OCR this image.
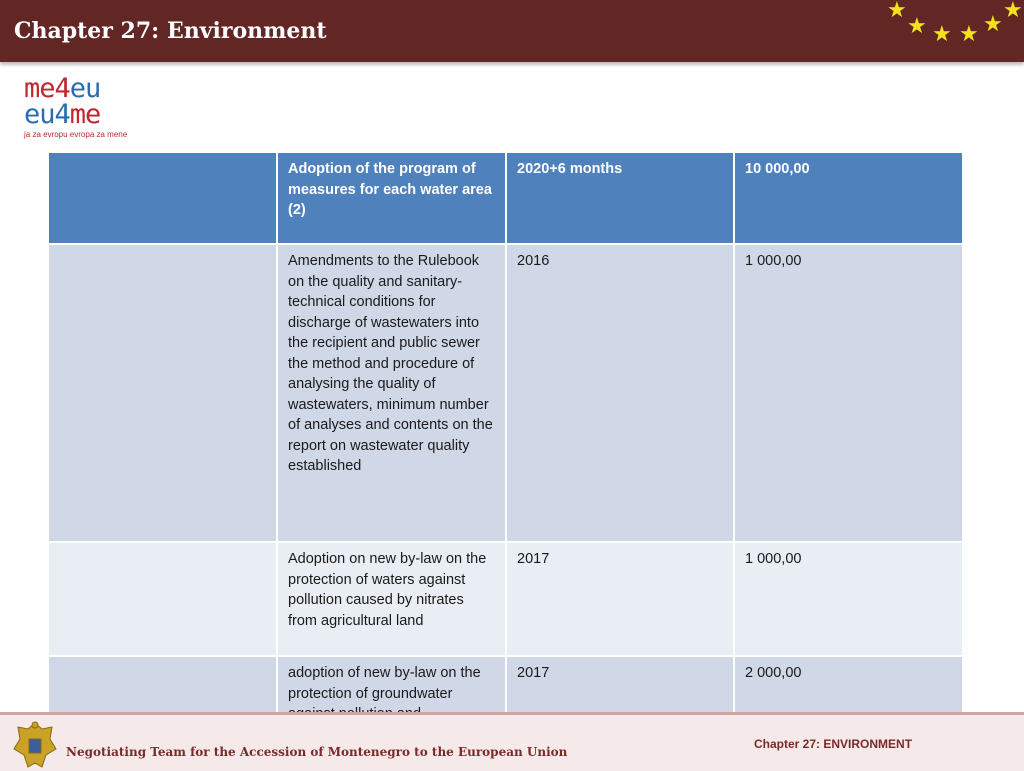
Chapter 27: Environment
★
★ ★ ★ ★
★
me4eu
eu4me
ja za evropu evropa za mene
	Adoption of the program of measures for each water area (2)	2020+6 months	10 000,00
	Amendments to the Rulebook on the quality and sanitary-technical conditions for discharge of wastewaters into the recipient and public sewer the method and procedure of analysing the quality of wastewaters, minimum number of analyses and contents on the report on wastewater quality established	2016	1 000,00
	Adoption on new by-law on the protection of waters against pollution caused by nitrates from agricultural land	2017	1 000,00
	adoption of new by-law on the protection of groundwater	2017	2 000,00
Negotiating Team for the Accession of Montenegro to the European Union
Chapter 27: ENVIRONMENT
